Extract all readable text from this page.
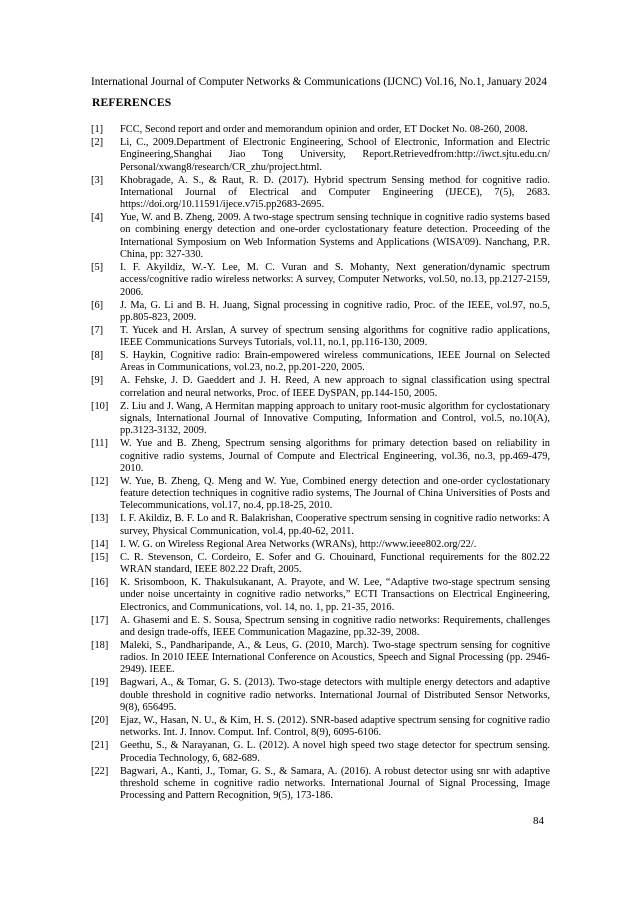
International Journal of Computer Networks & Communications (IJCNC) Vol.16, No.1, January 2024
REFERENCES
[1]	FCC, Second report and order and memorandum opinion and order, ET Docket No. 08-260, 2008.
[2]	Li, C., 2009.Department of Electronic Engineering, School of Electronic, Information and Electric Engineering,Shanghai Jiao Tong University, Report.Retrievedfrom:http://iwct.sjtu.edu.cn/ Personal/xwang8/research/CR_zhu/project.html.
[3]	Khobragade, A. S., & Raut, R. D. (2017). Hybrid spectrum Sensing method for cognitive radio. International Journal of Electrical and Computer Engineering (IJECE), 7(5), 2683. https://doi.org/10.11591/ijece.v7i5.pp2683-2695.
[4]	Yue, W. and B. Zheng, 2009. A two-stage spectrum sensing technique in cognitive radio systems based on combining energy detection and one-order cyclostationary feature detection. Proceeding of the International Symposium on Web Information Systems and Applications (WISA'09). Nanchang, P.R. China, pp: 327-330.
[5]	I. F. Akyildiz, W.-Y. Lee, M. C. Vuran and S. Mohanty, Next generation/dynamic spectrum access/cognitive radio wireless networks: A survey, Computer Networks, vol.50, no.13, pp.2127-2159, 2006.
[6]	J. Ma, G. Li and B. H. Juang, Signal processing in cognitive radio, Proc. of the IEEE, vol.97, no.5, pp.805-823, 2009.
[7]	T. Yucek and H. Arslan, A survey of spectrum sensing algorithms for cognitive radio applications, IEEE Communications Surveys Tutorials, vol.11, no.1, pp.116-130, 2009.
[8]	S. Haykin, Cognitive radio: Brain-empowered wireless communications, IEEE Journal on Selected Areas in Communications, vol.23, no.2, pp.201-220, 2005.
[9]	A. Fehske, J. D. Gaeddert and J. H. Reed, A new approach to signal classification using spectral correlation and neural networks, Proc. of IEEE DySPAN, pp.144-150, 2005.
[10]	Z. Liu and J. Wang, A Hermitan mapping approach to unitary root-music algorithm for cyclostationary signals, International Journal of Innovative Computing, Information and Control, vol.5, no.10(A), pp.3123-3132, 2009.
[11]	W. Yue and B. Zheng, Spectrum sensing algorithms for primary detection based on reliability in cognitive radio systems, Journal of Compute and Electrical Engineering, vol.36, no.3, pp.469-479, 2010.
[12]	W. Yue, B. Zheng, Q. Meng and W. Yue, Combined energy detection and one-order cyclostationary feature detection techniques in cognitive radio systems, The Journal of China Universities of Posts and Telecommunications, vol.17, no.4, pp.18-25, 2010.
[13]	I. F. Akildiz, B. F. Lo and R. Balakrishan, Cooperative spectrum sensing in cognitive radio networks: A survey, Physical Communication, vol.4, pp.40-62, 2011.
[14]	I. W. G. on Wireless Regional Area Networks (WRANs), http://www.ieee802.org/22/.
[15]	C. R. Stevenson, C. Cordeiro, E. Sofer and G. Chouinard, Functional requirements for the 802.22 WRAN standard, IEEE 802.22 Draft, 2005.
[16]	K. Srisomboon, K. Thakulsukanant, A. Prayote, and W. Lee, “Adaptive two-stage spectrum sensing under noise uncertainty in cognitive radio networks,” ECTI Transactions on Electrical Engineering, Electronics, and Communications, vol. 14, no. 1, pp. 21-35, 2016.
[17]	A. Ghasemi and E. S. Sousa, Spectrum sensing in cognitive radio networks: Requirements, challenges and design trade-offs, IEEE Communication Magazine, pp.32-39, 2008.
[18]	Maleki, S., Pandharipande, A., & Leus, G. (2010, March). Two-stage spectrum sensing for cognitive radios. In 2010 IEEE International Conference on Acoustics, Speech and Signal Processing (pp. 2946-2949). IEEE.
[19]	Bagwari, A., & Tomar, G. S. (2013). Two-stage detectors with multiple energy detectors and adaptive double threshold in cognitive radio networks. International Journal of Distributed Sensor Networks, 9(8), 656495.
[20]	Ejaz, W., Hasan, N. U., & Kim, H. S. (2012). SNR-based adaptive spectrum sensing for cognitive radio networks. Int. J. Innov. Comput. Inf. Control, 8(9), 6095-6106.
[21]	Geethu, S., & Narayanan, G. L. (2012). A novel high speed two stage detector for spectrum sensing. Procedia Technology, 6, 682-689.
[22]	Bagwari, A., Kanti, J., Tomar, G. S., & Samara, A. (2016). A robust detector using snr with adaptive threshold scheme in cognitive radio networks. International Journal of Signal Processing, Image Processing and Pattern Recognition, 9(5), 173-186.
84
